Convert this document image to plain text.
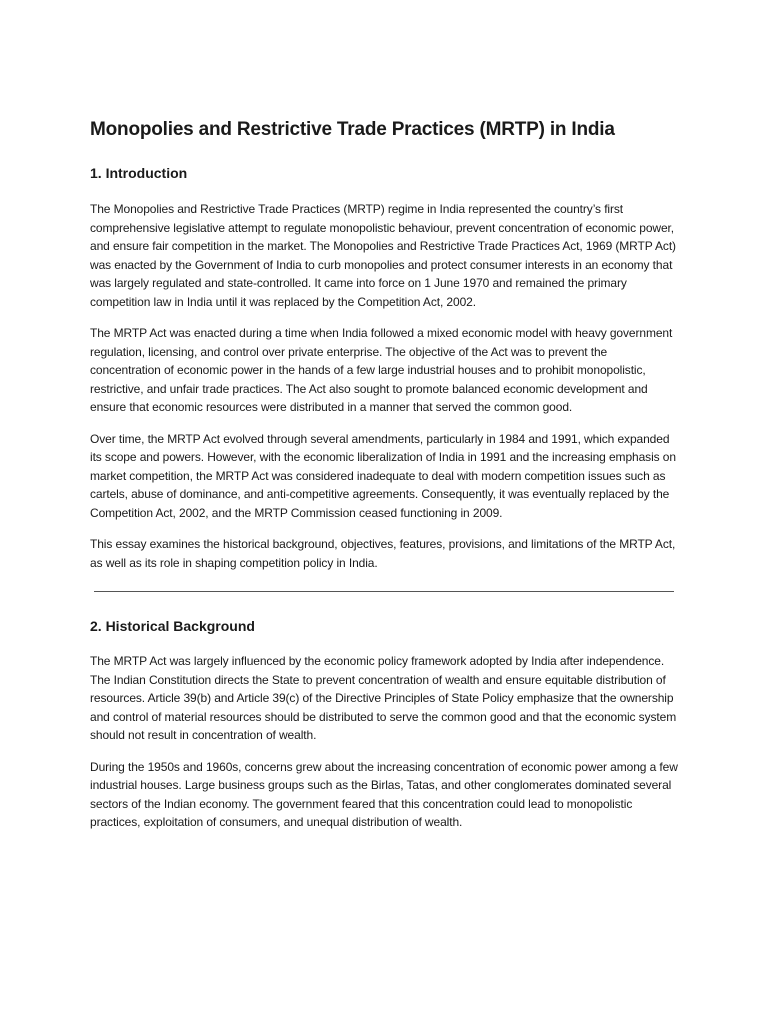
Monopolies and Restrictive Trade Practices (MRTP) in India
1. Introduction

The Monopolies and Restrictive Trade Practices (MRTP) regime in India represented the country’s first comprehensive legislative attempt to regulate monopolistic behaviour, prevent concentration of economic power, and ensure fair competition in the market. The Monopolies and Restrictive Trade Practices Act, 1969 (MRTP Act) was enacted by the Government of India to curb monopolies and protect consumer interests in an economy that was largely regulated and state-controlled. It came into force on 1 June 1970 and remained the primary competition law in India until it was replaced by the Competition Act, 2002.

The MRTP Act was enacted during a time when India followed a mixed economic model with heavy government regulation, licensing, and control over private enterprise. The objective of the Act was to prevent the concentration of economic power in the hands of a few large industrial houses and to prohibit monopolistic, restrictive, and unfair trade practices. The Act also sought to promote balanced economic development and ensure that economic resources were distributed in a manner that served the common good.

Over time, the MRTP Act evolved through several amendments, particularly in 1984 and 1991, which expanded its scope and powers. However, with the economic liberalization of India in 1991 and the increasing emphasis on market competition, the MRTP Act was considered inadequate to deal with modern competition issues such as cartels, abuse of dominance, and anti-competitive agreements. Consequently, it was eventually replaced by the Competition Act, 2002, and the MRTP Commission ceased functioning in 2009.

This essay examines the historical background, objectives, features, provisions, and limitations of the MRTP Act, as well as its role in shaping competition policy in India.

2. Historical Background

The MRTP Act was largely influenced by the economic policy framework adopted by India after independence. The Indian Constitution directs the State to prevent concentration of wealth and ensure equitable distribution of resources. Article 39(b) and Article 39(c) of the Directive Principles of State Policy emphasize that the ownership and control of material resources should be distributed to serve the common good and that the economic system should not result in concentration of wealth.

During the 1950s and 1960s, concerns grew about the increasing concentration of economic power among a few industrial houses. Large business groups such as the Birlas, Tatas, and other conglomerates dominated several sectors of the Indian economy. The government feared that this concentration could lead to monopolistic practices, exploitation of consumers, and unequal distribution of wealth.
